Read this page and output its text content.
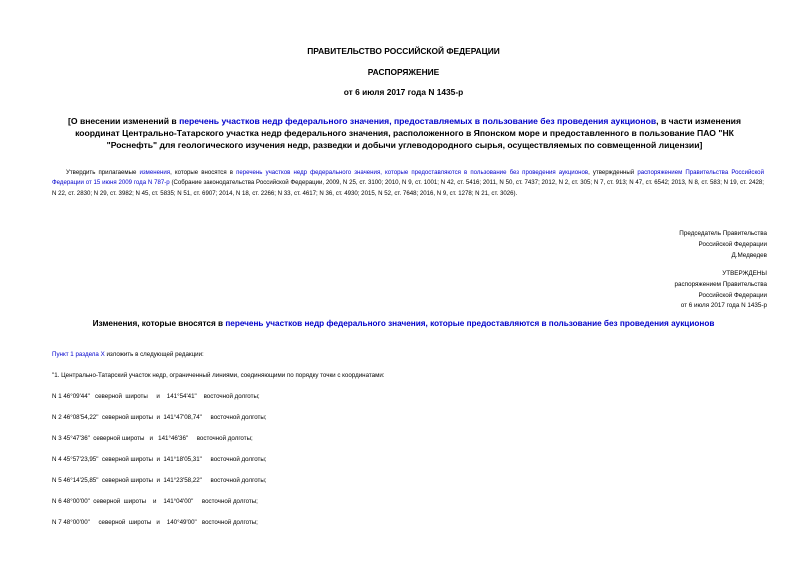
ПРАВИТЕЛЬСТВО РОССИЙСКОЙ ФЕДЕРАЦИИ
РАСПОРЯЖЕНИЕ
от 6 июля 2017 года N 1435-р
[О внесении изменений в перечень участков недр федерального значения, предоставляемых в пользование без проведения аукционов, в части изменения координат Центрально-Татарского участка недр федерального значения, расположенного в Японском море и предоставленного в пользование ПАО "НК "Роснефть" для геологического изучения недр, разведки и добычи углеводородного сырья, осуществляемых по совмещенной лицензии]
Утвердить прилагаемые изменения, которые вносятся в перечень участков недр федерального значения, которые предоставляются в пользование без проведения аукционов, утвержденный распоряжением Правительства Российской Федерации от 15 июня 2009 года N 787-р (Собрание законодательства Российской Федерации, 2009, N 25, ст. 3100; 2010, N 9, ст. 1001; N 42, ст. 5416; 2011, N 50, ст. 7437; 2012, N 2, ст. 305; N 7, ст. 913; N 47, ст. 6542; 2013, N 8, ст. 583; N 19, ст. 2428; N 22, ст. 2830; N 29, ст. 3982; N 45, ст. 5835; N 51, ст. 6907; 2014, N 18, ст. 2266; N 33, ст. 4617; N 36, ст. 4930; 2015, N 52, ст. 7648; 2016, N 9, ст. 1278; N 21, ст. 3026).
Председатель Правительства
Российской Федерации
Д.Медведев
УТВЕРЖДЕНЫ
распоряжением Правительства
Российской Федерации
от 6 июля 2017 года N 1435-р
Изменения, которые вносятся в перечень участков недр федерального значения, которые предоставляются в пользование без проведения аукционов
Пункт 1 раздела X изложить в следующей редакции:
"1. Центрально-Татарский участок недр, ограниченный линиями, соединяющими по порядку точки с координатами:
N 1 46°09'44"   северной  широты     и    141°54'41"    восточной долготы;
N 2 46°08'54,22"  северной широты  и  141°47'08,74"     восточной долготы;
N 3 45°47'36"  северной широты   и   141°46'36"     восточной долготы;
N 4 45°57'23,95"  северной широты  и  141°18'05,31"     восточной долготы;
N 5 46°14'25,85"  северной широты  и  141°23'58,22"     восточной долготы;
N 6 48°00'00"  северной  широты    и    141°04'00"     восточной долготы;
N 7 48°00'00"     северной  широты   и    140°49'00"   восточной долготы;
